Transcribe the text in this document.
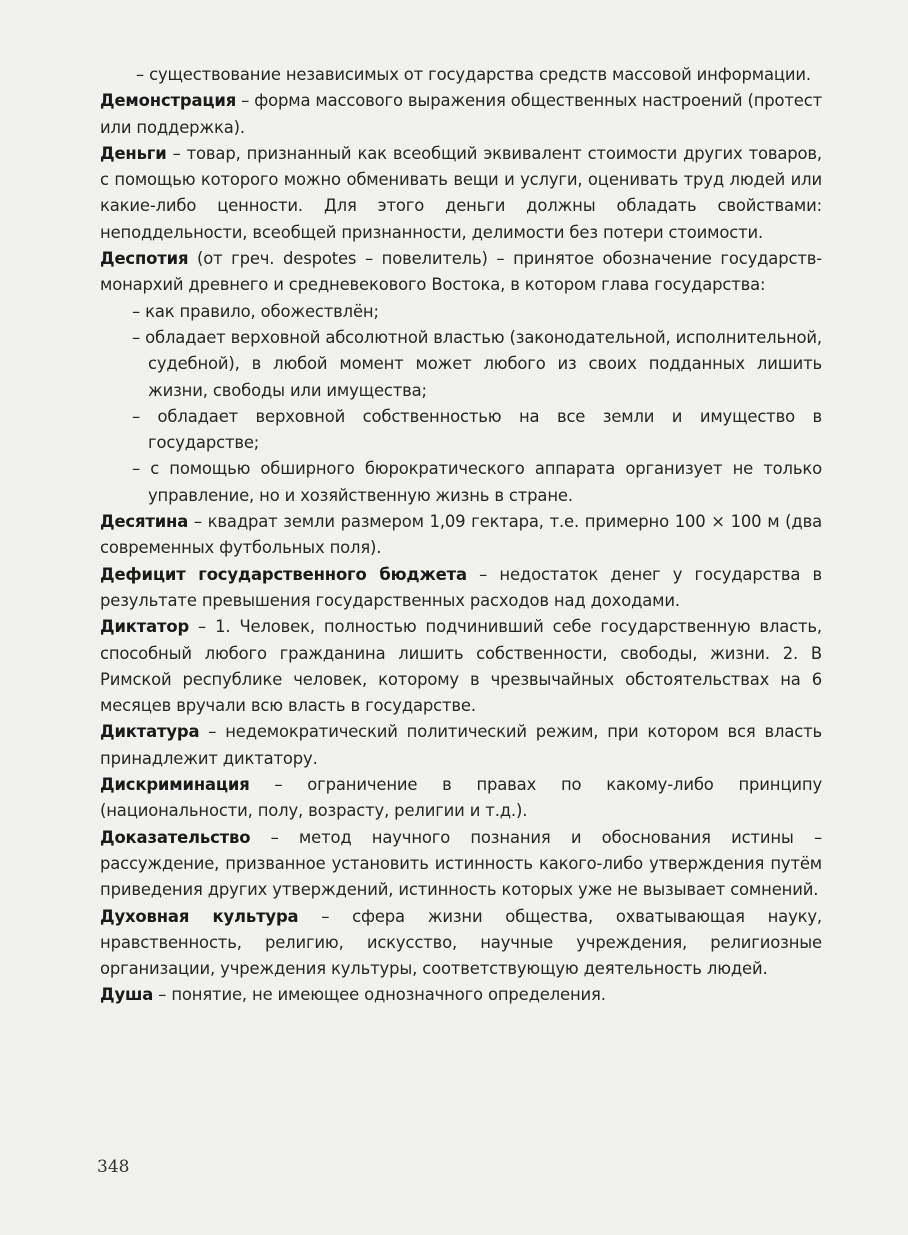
– существование независимых от государства средств массовой информации.

Демонстрация – форма массового выражения общественных настроений (протест или поддержка).

Деньги – товар, признанный как всеобщий эквивалент стоимости других товаров, с помощью которого можно обменивать вещи и услуги, оценивать труд людей или какие-либо ценности. Для этого деньги должны обладать свойствами: неподдельности, всеобщей признанности, делимости без потери стоимости.

Деспотия (от греч. despotes – повелитель) – принятое обозначение государств-монархий древнего и средневекового Востока, в котором глава государства:

– как правило, обожествлён;

– обладает верховной абсолютной властью (законодательной, исполнительной, судебной), в любой момент может любого из своих подданных лишить жизни, свободы или имущества;

– обладает верховной собственностью на все земли и имущество в государстве;

– с помощью обширного бюрократического аппарата организует не только управление, но и хозяйственную жизнь в стране.

Десятина – квадрат земли размером 1,09 гектара, т.е. примерно 100 × 100 м (два современных футбольных поля).

Дефицит государственного бюджета – недостаток денег у государства в результате превышения государственных расходов над доходами.

Диктатор – 1. Человек, полностью подчинивший себе государственную власть, способный любого гражданина лишить собственности, свободы, жизни. 2. В Римской республике человек, которому в чрезвычайных обстоятельствах на 6 месяцев вручали всю власть в государстве.

Диктатура – недемократический политический режим, при котором вся власть принадлежит диктатору.

Дискриминация – ограничение в правах по какому-либо принципу (национальности, полу, возрасту, религии и т.д.).

Доказательство – метод научного познания и обоснования истины – рассуждение, призванное установить истинность какого-либо утверждения путём приведения других утверждений, истинность которых уже не вызывает сомнений.

Духовная культура – сфера жизни общества, охватывающая науку, нравственность, религию, искусство, научные учреждения, религиозные организации, учреждения культуры, соответствующую деятельность людей.

Душа – понятие, не имеющее однозначного определения.

348
